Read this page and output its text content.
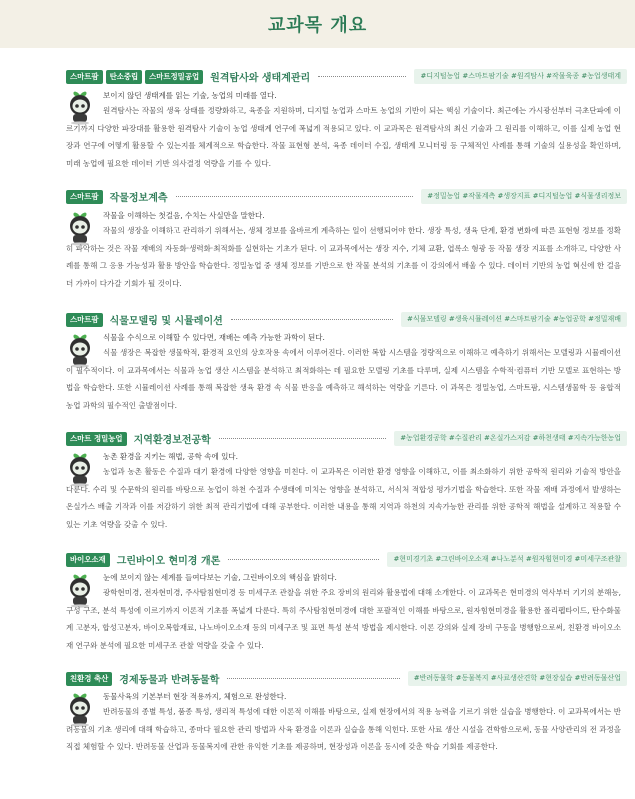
교과목 개요
스마트팜	탄소중립	스마트정밀공업	원격탐사와 생태계관리	#디지털농업 #스마트팜기술 #원격탐사 #작물육종 #농업생태계

보이지 않던 생태계를 읽는 기술, 농업의 미래를 열다.

원격탐사는 작물의 생육 상태를 정량화하고, 육종을 지원하며, 디지털 농업과 스마트 농업의 기반이 되는 핵심 기술이다. 최근에는 가시광선부터 극초단파에 이르기까지 다양한 파장대를 활용한 원격탐사 기술이 농업 생태계 연구에 폭넓게 적용되고 있다. 이 교과목은 원격탐사의 최신 기술과 그 원리를 이해하고, 이를 실제 농업 현장과 연구에 어떻게 활용할 수 있는지를 체계적으로 학습한다. 작물 표현형 분석, 육종 데이터 수집, 생태계 모니터링 등 구체적인 사례를 통해 기술의 실용성을 확인하며, 미래 농업에 필요한 데이터 기반 의사결정 역량을 기를 수 있다.

스마트팜	작물정보계측	#정밀농업 #작물계측 #생장지표 #디지털농업 #식물생리정보

작물을 이해하는 첫걸음, 수치는 사실만을 말한다.

작물의 생장을 이해하고 관리하기 위해서는, 생체 정보를 올바르게 계측하는 일이 선행되어야 한다. 생장 특성, 생육 단계, 환경 변화에 따른 표현형 정보를 정확히 파악하는 것은 작물 재배의 자동화·생력화·최적화를 실현하는 기초가 된다. 이 교과목에서는 생장 지수, 기체 교환, 엽록소 형광 등 작물 생장 지표를 소개하고, 다양한 사례를 통해 그 응용 가능성과 활용 방안을 학습한다. 정밀농업 중 생체 정보를 기반으로 한 작물 분석의 기초를 이 강의에서 배울 수 있다. 데이터 기반의 농업 혁신에 한 걸음 더 가까이 다가갈 기회가 될 것이다.

스마트팜	식물모델링 및 시뮬레이션	#식물모델링 #생육시뮬레이션 #스마트팜기술 #농업공학 #정밀재배

식물을 수식으로 이해할 수 있다면, 재배는 예측 가능한 과학이 된다.

식물 생장은 복잡한 생물학적, 환경적 요인의 상호작용 속에서 이루어진다. 이러한 복합 시스템을 정량적으로 이해하고 예측하기 위해서는 모델링과 시뮬레이션이 필수적이다. 이 교과목에서는 식물과 농업 생산 시스템을 분석하고 최적화하는 데 필요한 모델링 기초를 다루며, 실제 시스템을 수학적·컴퓨터 기반 모델로 표현하는 방법을 학습한다. 또한 시뮬레이션 사례를 통해 복잡한 생육 환경 속 식물 반응을 예측하고 해석하는 역량을 기른다. 이 과목은 정밀농업, 스마트팜, 시스템생물학 등 융합적 농업 과학의 필수적인 출발점이다.

스마트 정밀농업	지역환경보전공학	#농업환경공학 #수질관리 #온실가스저감 #하천생태 #지속가능한농업

농촌 환경을 지키는 해법, 공학 속에 있다.

농업과 농촌 활동은 수질과 대기 환경에 다양한 영향을 미친다. 이 교과목은 이러한 환경 영향을 이해하고, 이를 최소화하기 위한 공학적 원리와 기술적 방안을 다룬다. 수리 및 수문학의 원리를 바탕으로 농업이 하천 수질과 수생태에 미치는 영향을 분석하고, 서식처 적합성 평가기법을 학습한다. 또한 작물 재배 과정에서 발생하는 온실가스 배출 기작과 이를 저감하기 위한 최적 관리기법에 대해 공부한다. 이러한 내용을 통해 지역과 하천의 지속가능한 관리를 위한 공학적 해법을 설계하고 적용할 수 있는 기초 역량을 갖출 수 있다.

바이오소재	그린바이오 현미경 개론	#현미경기초 #그린바이오소재 #나노분석 #원자힘현미경 #미세구조관찰

눈에 보이지 않는 세계를 들여다보는 기술, 그린바이오의 핵심을 밝히다.

광학현미경, 전자현미경, 주사탐침현미경 등 미세구조 관찰을 위한 주요 장비의 원리와 활용법에 대해 소개한다. 이 교과목은 현미경의 역사부터 기기의 분해능, 구성 구조, 분석 특성에 이르기까지 이론적 기초를 폭넓게 다룬다. 특히 주사탐침현미경에 대한 포괄적인 이해를 바탕으로, 원자힘현미경을 활용한 폴리펩타이드, 탄수화물계 고분자, 합성고분자, 바이오복합재료, 나노바이오소재 등의 미세구조 및 표면 특성 분석 방법을 제시한다. 이론 강의와 실제 장비 구동을 병행함으로써, 친환경 바이오소재 연구와 분석에 필요한 미세구조 관찰 역량을 갖출 수 있다.

친환경 축산	경제동물과 반려동물학	#반려동물학 #동물복지 #사료생산견학 #현장실습 #반려동물산업

동물사육의 기본부터 현장 적용까지, 체험으로 완성한다.

반려동물의 종별 특성, 품종 특성, 생리적 특성에 대한 이론적 이해를 바탕으로, 실제 현장에서의 적용 능력을 기르기 위한 실습을 병행한다. 이 교과목에서는 반려동물의 기초 생리에 대해 학습하고, 종마다 필요한 관리 방법과 사육 환경을 이론과 실습을 통해 익힌다. 또한 사료 생산 시설을 견학함으로써, 동물 사양관리의 전 과정을 직접 체험할 수 있다. 반려동물 산업과 동물복지에 관한 유익한 기초를 제공하며, 현장성과 이론을 동시에 갖춘 학습 기회를 제공한다.
